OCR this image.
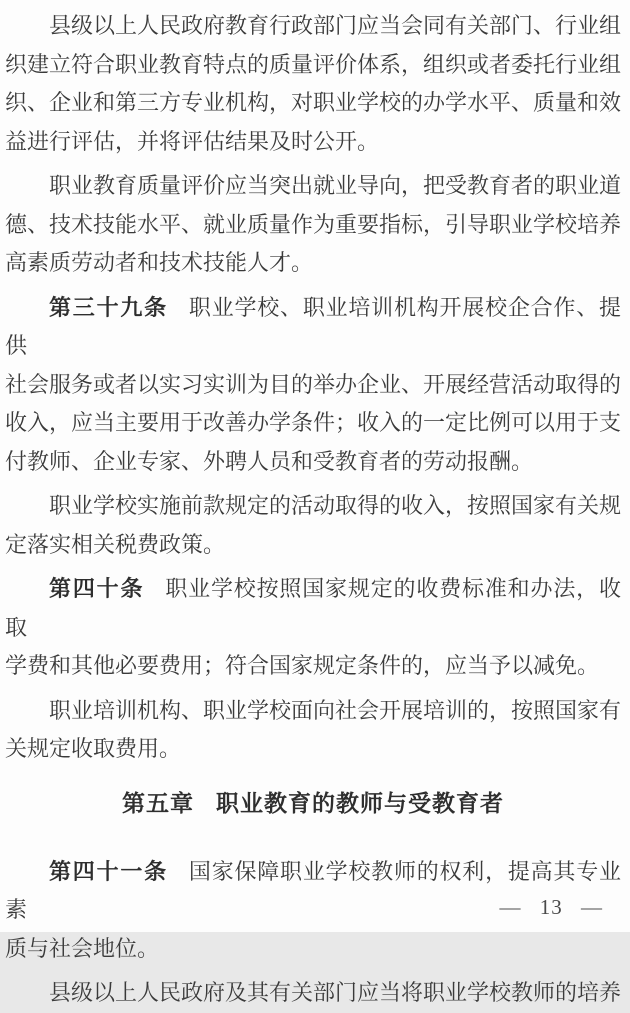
县级以上人民政府教育行政部门应当会同有关部门、行业组
织建立符合职业教育特点的质量评价体系，组织或者委托行业组
织、企业和第三方专业机构，对职业学校的办学水平、质量和效
益进行评估，并将评估结果及时公开。

职业教育质量评价应当突出就业导向，把受教育者的职业道
德、技术技能水平、就业质量作为重要指标，引导职业学校培养
高素质劳动者和技术技能人才。

第三十九条 职业学校、职业培训机构开展校企合作、提供
社会服务或者以实习实训为目的举办企业、开展经营活动取得的
收入，应当主要用于改善办学条件；收入的一定比例可以用于支
付教师、企业专家、外聘人员和受教育者的劳动报酬。

职业学校实施前款规定的活动取得的收入，按照国家有关规
定落实相关税费政策。

第四十条 职业学校按照国家规定的收费标准和办法，收取
学费和其他必要费用；符合国家规定条件的，应当予以减免。

职业培训机构、职业学校面向社会开展培训的，按照国家有
关规定收取费用。

第五章 职业教育的教师与受教育者

第四十一条 国家保障职业学校教师的权利，提高其专业素
质与社会地位。

县级以上人民政府及其有关部门应当将职业学校教师的培养

— 13 —
